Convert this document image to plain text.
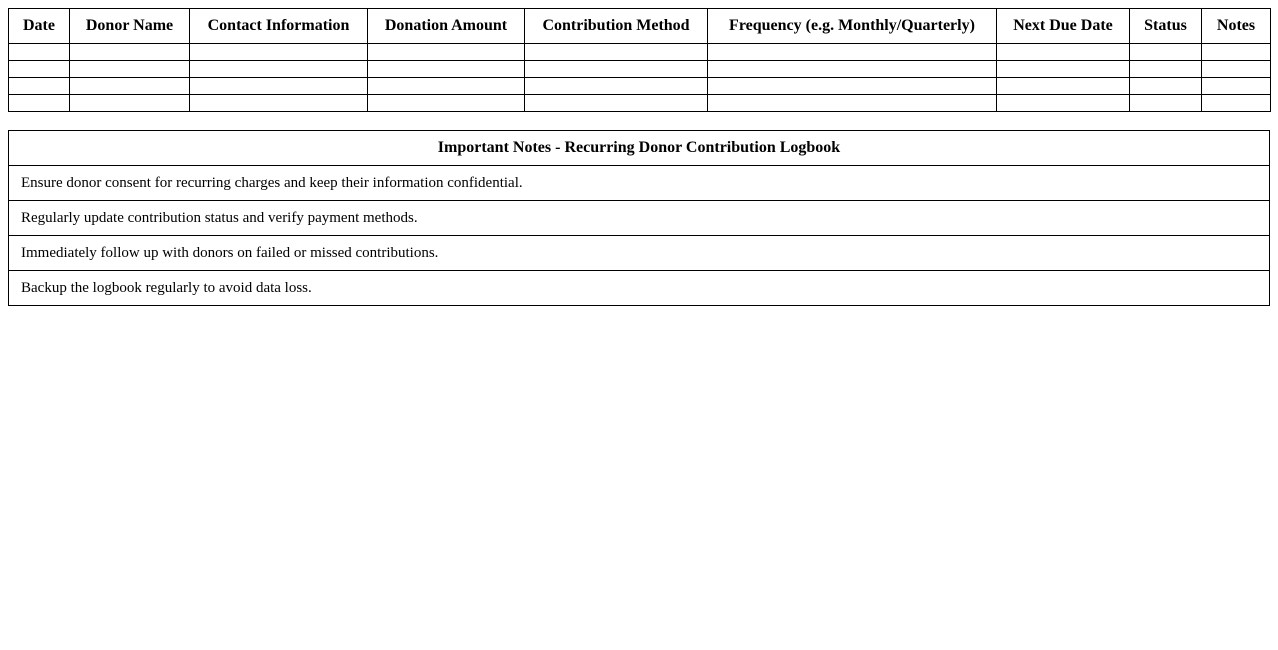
Date	Donor Name	Contact Information	Donation Amount	Contribution Method	Frequency (e.g. Monthly/Quarterly)	Next Due Date	Status	Notes

Important Notes - Recurring Donor Contribution Logbook
Ensure donor consent for recurring charges and keep their information confidential.
Regularly update contribution status and verify payment methods.
Immediately follow up with donors on failed or missed contributions.
Backup the logbook regularly to avoid data loss.
